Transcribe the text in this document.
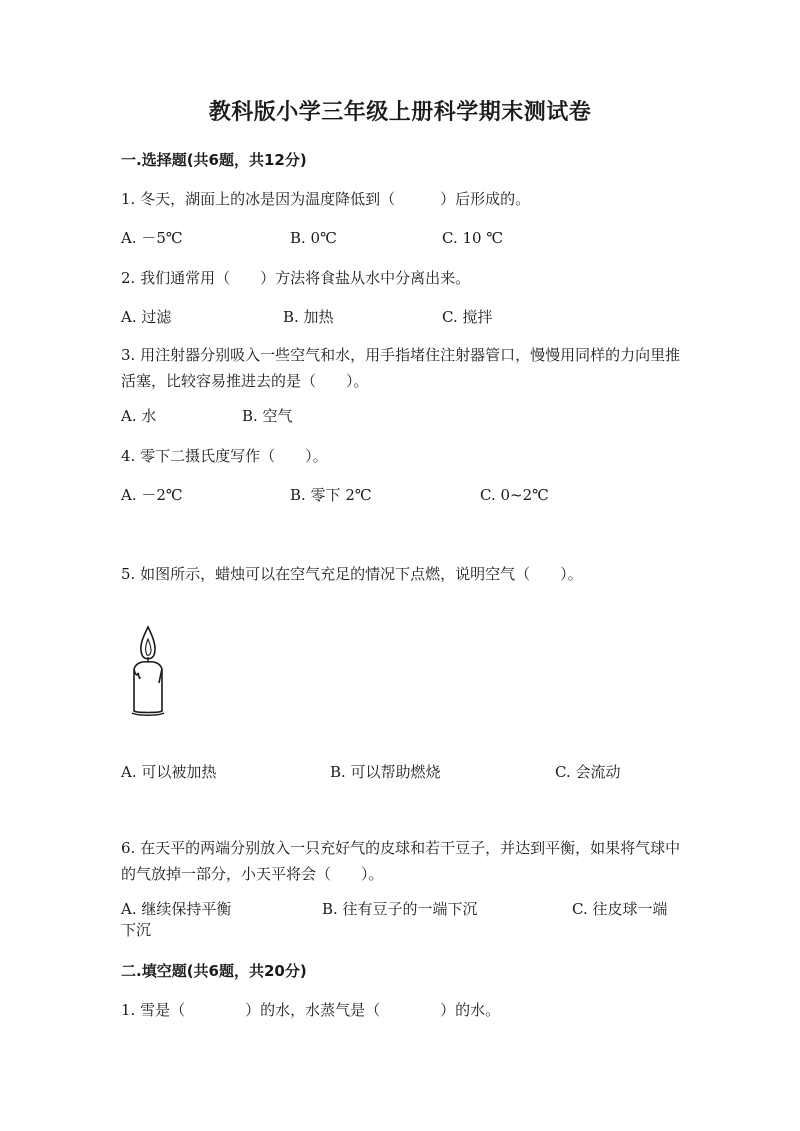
教科版小学三年级上册科学期末测试卷
一.选择题(共6题，共12分)
1. 冬天，湖面上的冰是因为温度降低到（　　　）后形成的。
A. －5℃	B. 0℃	C. 10 ℃
2. 我们通常用（　　）方法将食盐从水中分离出来。
A. 过滤	B. 加热	C. 搅拌
3. 用注射器分别吸入一些空气和水，用手指堵住注射器管口，慢慢用同样的力向里推活塞，比较容易推进去的是（　　）。
A. 水	B. 空气
4. 零下二摄氏度写作（　　）。
A. －2℃	B. 零下 2℃	C. 0~2℃
5. 如图所示，蜡烛可以在空气充足的情况下点燃，说明空气（　　）。
A. 可以被加热	B. 可以帮助燃烧	C. 会流动
6. 在天平的两端分别放入一只充好气的皮球和若干豆子，并达到平衡，如果将气球中的气放掉一部分，小天平将会（　　）。
A. 继续保持平衡	B. 往有豆子的一端下沉	C. 往皮球一端
下沉
二.填空题(共6题，共20分)
1. 雪是（　　　　）的水，水蒸气是（　　　　）的水。
